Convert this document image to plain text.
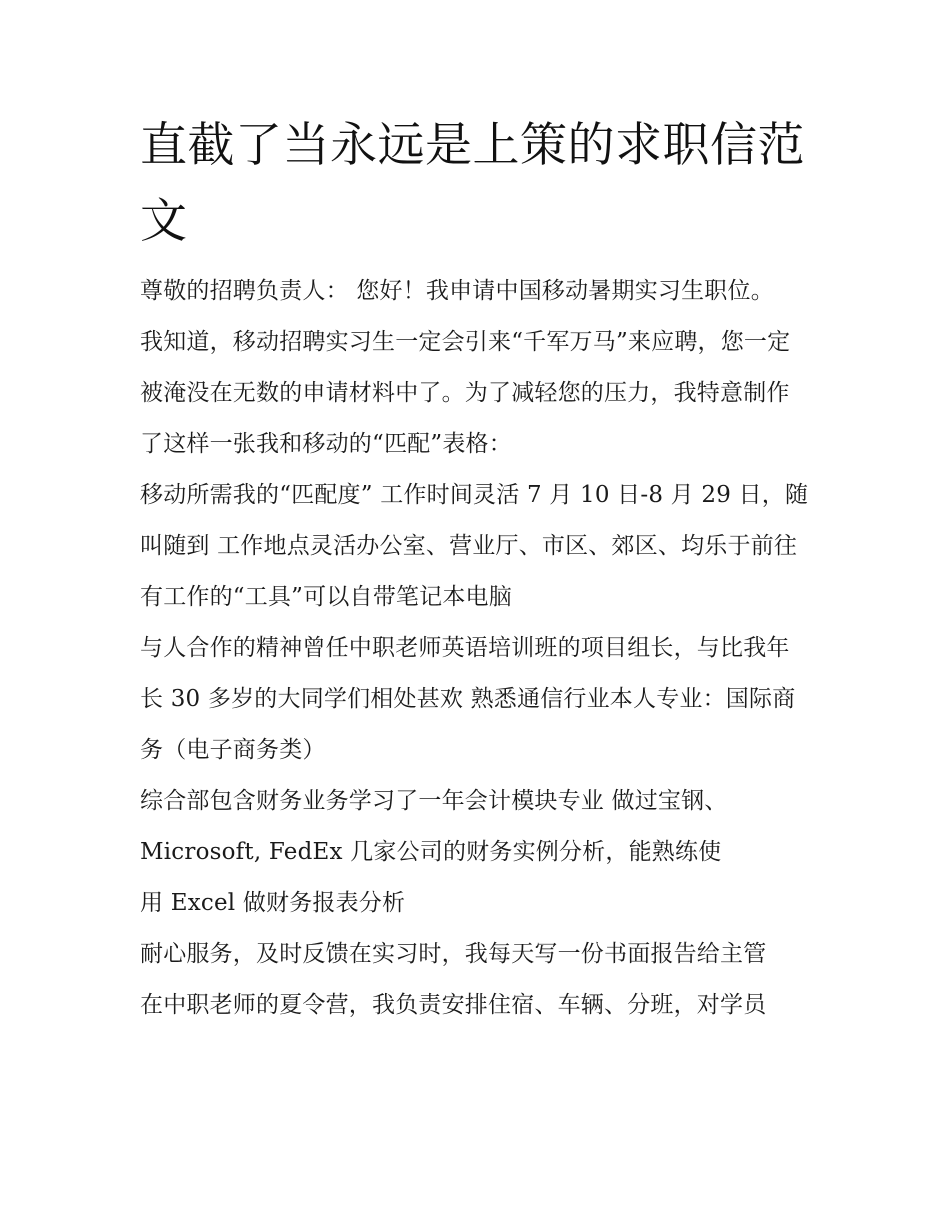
直截了当永远是上策的求职信范文

尊敬的招聘负责人： 您好！我申请中国移动暑期实习生职位。

我知道，移动招聘实习生一定会引来“千军万马”来应聘，您一定被淹没在无数的申请材料中了。为了减轻您的压力，我特意制作了这样一张我和移动的“匹配”表格：

移动所需我的“匹配度” 工作时间灵活 7 月 10 日-8 月 29 日，随叫随到 工作地点灵活办公室、营业厅、市区、郊区、均乐于前往 有工作的“工具”可以自带笔记本电脑

与人合作的精神曾任中职老师英语培训班的项目组长，与比我年长 30 多岁的大同学们相处甚欢 熟悉通信行业本人专业：国际商务（电子商务类）

综合部包含财务业务学习了一年会计模块专业 做过宝钢、Microsoft, FedEx 几家公司的财务实例分析，能熟练使用 Excel 做财务报表分析

耐心服务，及时反馈在实习时，我每天写一份书面报告给主管

在中职老师的夏令营，我负责安排住宿、车辆、分班，对学员
